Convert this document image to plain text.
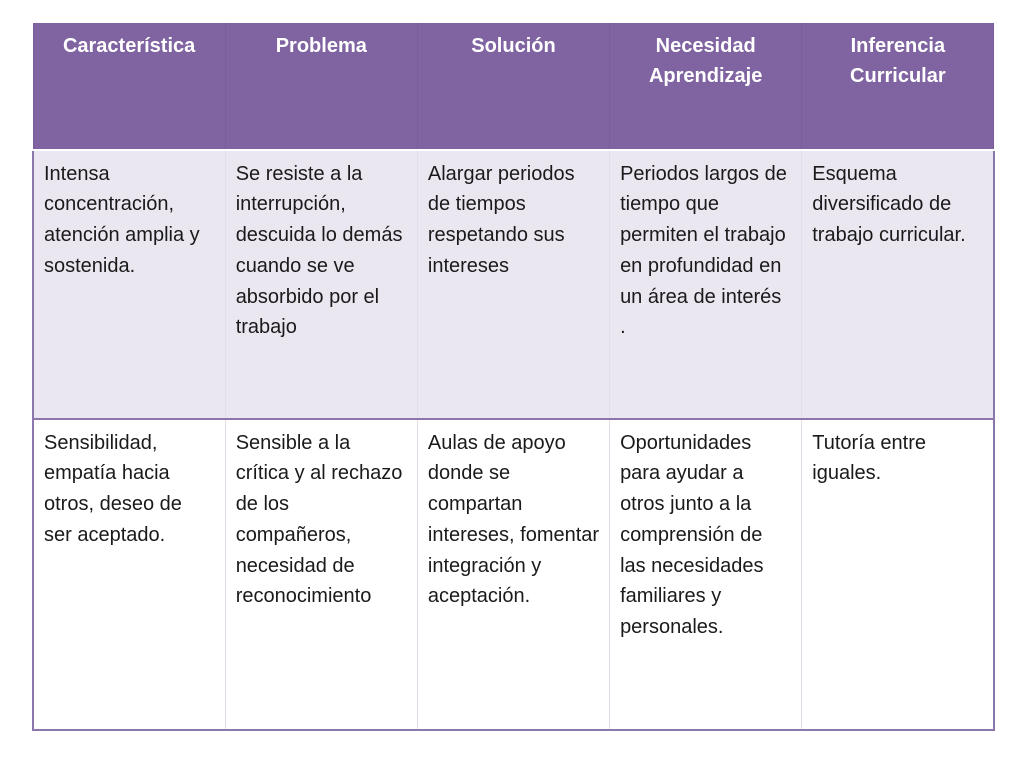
Característica	Problema	Solución	Necesidad Aprendizaje	Inferencia Curricular
Intensa concentración, atención amplia y sostenida.	Se resiste a la interrupción, descuida lo demás cuando se ve absorbido por el trabajo	Alargar periodos de tiempos respetando sus intereses	Periodos largos de tiempo que permiten el trabajo en profundidad en un área de interés .	Esquema diversificado de trabajo curricular.
Sensibilidad, empatía hacia otros, deseo de ser aceptado.	Sensible a la crítica y al rechazo de los compañeros, necesidad de reconocimiento	Aulas de apoyo donde se compartan intereses, fomentar integración y aceptación.	Oportunidades para ayudar a otros junto a la comprensión de las necesidades familiares y personales.	Tutoría entre iguales.
